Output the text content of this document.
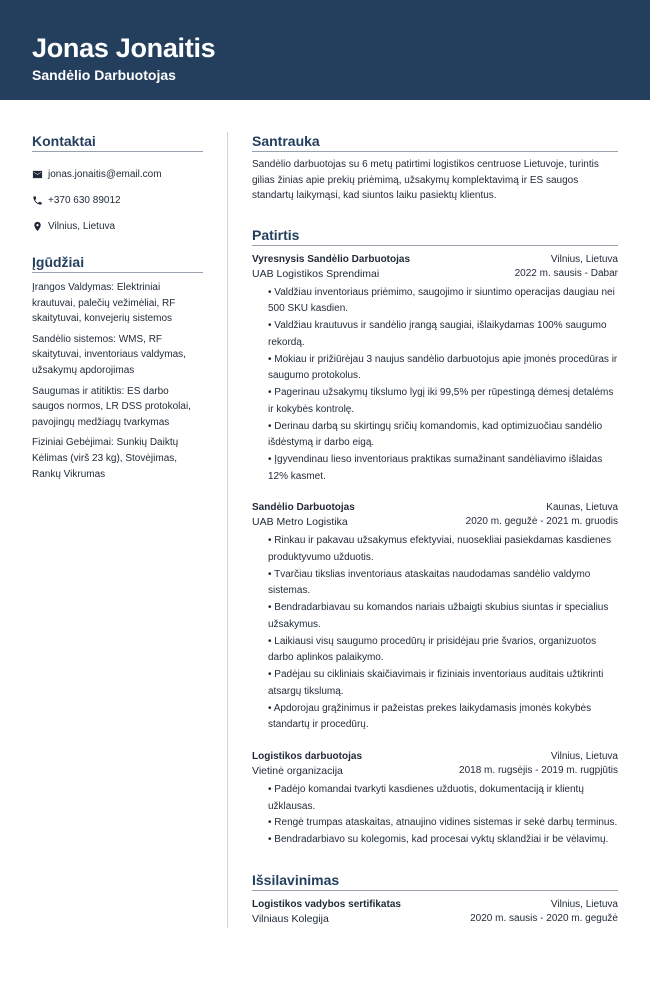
Jonas Jonaitis
Sandėlio Darbuotojas
Kontaktai
jonas.jonaitis@email.com
+370 630 89012
Vilnius, Lietuva
Įgūdžiai
Įrangos Valdymas: Elektriniai krautuvai, palečių vežimėliai, RF skaitytuvai, konvejerių sistemos
Sandėlio sistemos: WMS, RF skaitytuvai, inventoriaus valdymas, užsakymų apdorojimas
Saugumas ir atitiktis: ES darbo saugos normos, LR DSS protokolai, pavojingų medžiagų tvarkymas
Fiziniai Gebėjimai: Sunkių Daiktų Kėlimas (virš 23 kg), Stovėjimas, Rankų Vikrumas
Santrauka
Sandėlio darbuotojas su 6 metų patirtimi logistikos centruose Lietuvoje, turintis gilias žinias apie prekių priėmimą, užsakymų komplektavimą ir ES saugos standartų laikymąsi, kad siuntos laiku pasiektų klientus.
Patirtis
Vyresnysis Sandėlio Darbuotojas	Vilnius, Lietuva
UAB Logistikos Sprendimai	2022 m. sausis - Dabar
• Valdžiau inventoriaus priėmimo, saugojimo ir siuntimo operacijas daugiau nei 500 SKU kasdien.
• Valdžiau krautuvus ir sandėlio įrangą saugiai, išlaikydamas 100% saugumo rekordą.
• Mokiau ir prižiūrėjau 3 naujus sandėlio darbuotojus apie įmonės procedūras ir saugumo protokolus.
• Pagerinau užsakymų tikslumo lygį iki 99,5% per rūpestingą dėmesį detalėms ir kokybės kontrolę.
• Derinau darbą su skirtingų sričių komandomis, kad optimizuočiau sandėlio išdėstymą ir darbo eigą.
• Įgyvendinau lieso inventoriaus praktikas sumažinant sandėliavimo išlaidas 12% kasmet.
Sandėlio Darbuotojas	Kaunas, Lietuva
UAB Metro Logistika	2020 m. gegužė - 2021 m. gruodis
• Rinkau ir pakavau užsakymus efektyviai, nuosekliai pasiekdamas kasdienes produktyvumo užduotis.
• Tvarčiau tikslias inventoriaus ataskaitas naudodamas sandėlio valdymo sistemas.
• Bendradarbiavau su komandos nariais užbaigti skubius siuntas ir specialius užsakymus.
• Laikiausi visų saugumo procedūrų ir prisidėjau prie švarios, organizuotos darbo aplinkos palaikymo.
• Padėjau su cikliniais skaičiavimais ir fiziniais inventoriaus auditais užtikrinti atsargų tikslumą.
• Apdorojau grąžinimus ir pažeistas prekes laikydamasis įmonės kokybės standartų ir procedūrų.
Logistikos darbuotojas	Vilnius, Lietuva
Vietinė organizacija	2018 m. rugsėjis - 2019 m. rugpjūtis
• Padėjo komandai tvarkyti kasdienes užduotis, dokumentaciją ir klientų užklausas.
• Rengė trumpas ataskaitas, atnaujino vidines sistemas ir sekė darbų terminus.
• Bendradarbiavo su kolegomis, kad procesai vyktų sklandžiai ir be vėlavimų.
Išsilavinimas
Logistikos vadybos sertifikatas	Vilnius, Lietuva
Vilniaus Kolegija	2020 m. sausis - 2020 m. gegužė
